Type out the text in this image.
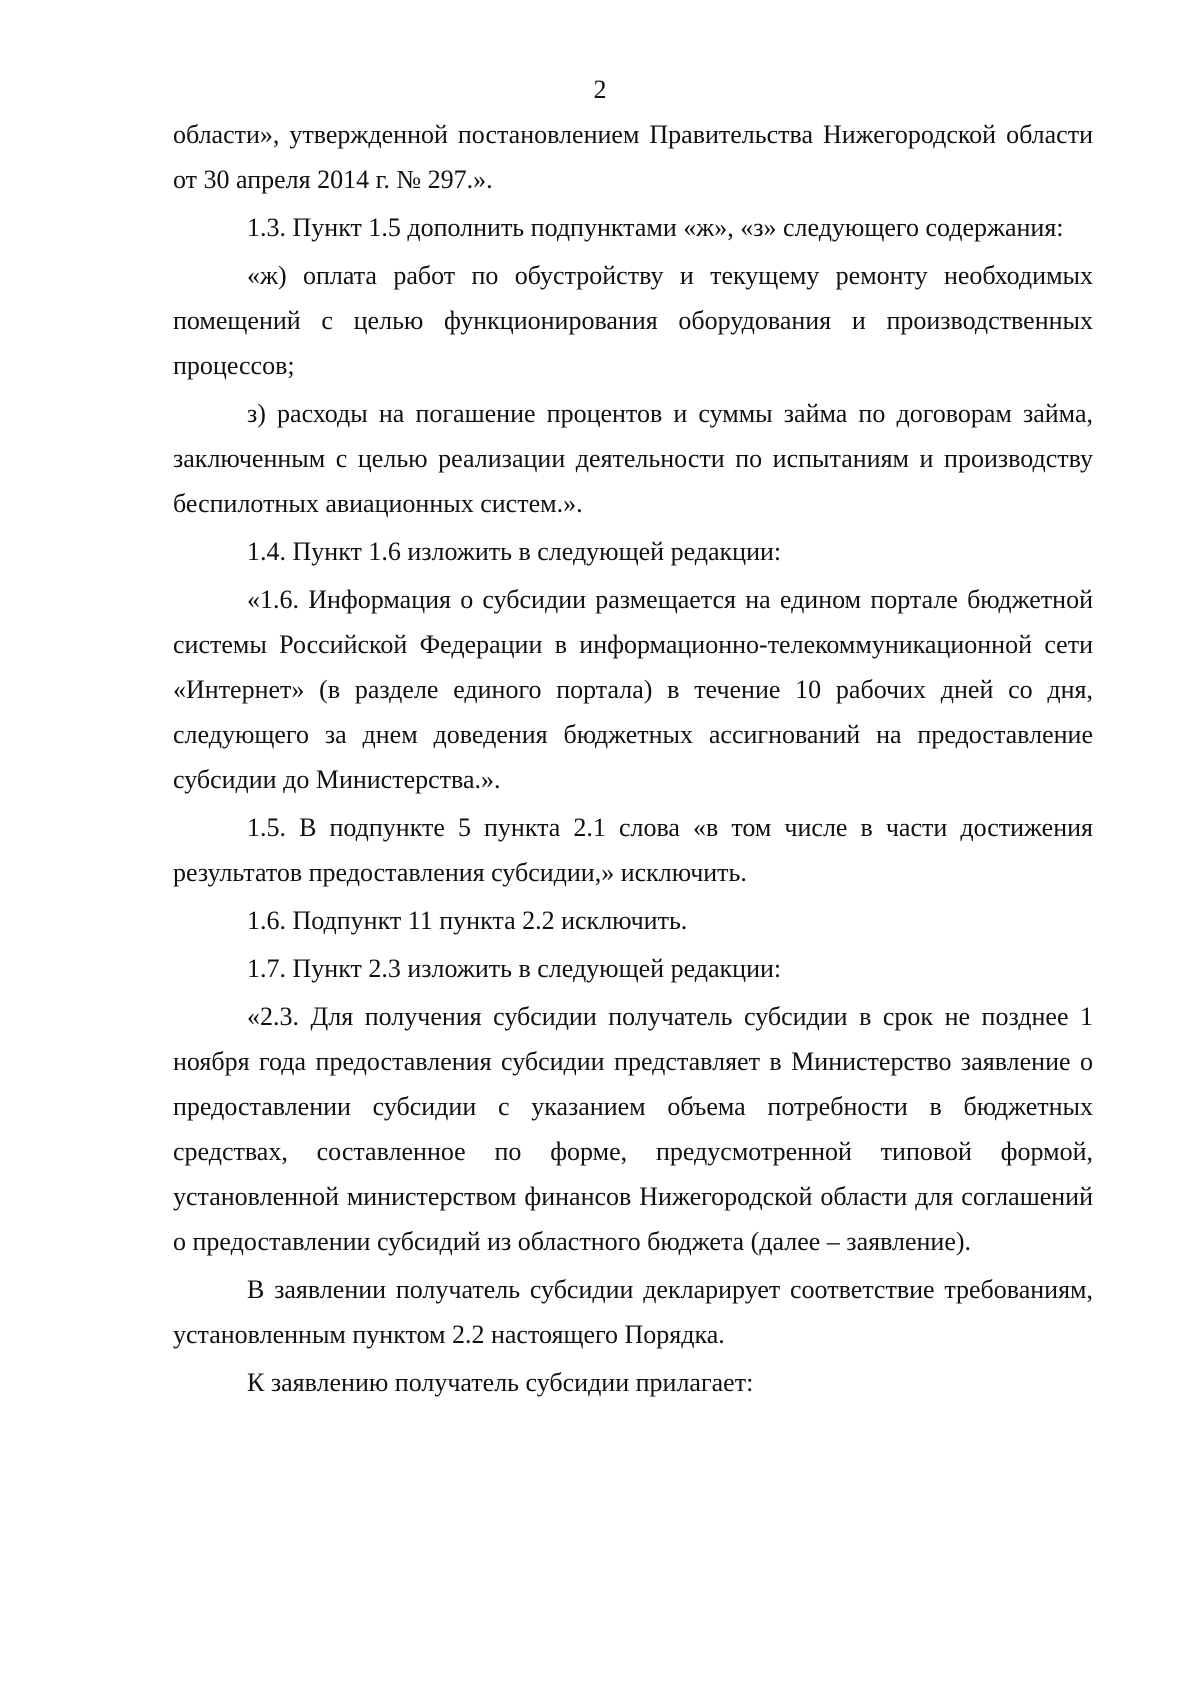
2

области», утвержденной постановлением Правительства Нижегородской области от 30 апреля 2014 г. № 297.».

1.3. Пункт 1.5 дополнить подпунктами «ж», «з» следующего содержания:

«ж) оплата работ по обустройству и текущему ремонту необходимых помещений с целью функционирования оборудования и производственных процессов;

з) расходы на погашение процентов и суммы займа по договорам займа, заключенным с целью реализации деятельности по испытаниям и производству беспилотных авиационных систем.».

1.4. Пункт 1.6 изложить в следующей редакции:

«1.6. Информация о субсидии размещается на едином портале бюджетной системы Российской Федерации в информационно-телекоммуникационной сети «Интернет» (в разделе единого портала) в течение 10 рабочих дней со дня, следующего за днем доведения бюджетных ассигнований на предоставление субсидии до Министерства.».

1.5. В подпункте 5 пункта 2.1 слова «в том числе в части достижения результатов предоставления субсидии,» исключить.

1.6. Подпункт 11 пункта 2.2 исключить.

1.7. Пункт 2.3 изложить в следующей редакции:

«2.3. Для получения субсидии получатель субсидии в срок не позднее 1 ноября года предоставления субсидии представляет в Министерство заявление о предоставлении субсидии с указанием объема потребности в бюджетных средствах, составленное по форме, предусмотренной типовой формой, установленной министерством финансов Нижегородской области для соглашений о предоставлении субсидий из областного бюджета (далее – заявление).

В заявлении получатель субсидии декларирует соответствие требованиям, установленным пунктом 2.2 настоящего Порядка.

К заявлению получатель субсидии прилагает:
